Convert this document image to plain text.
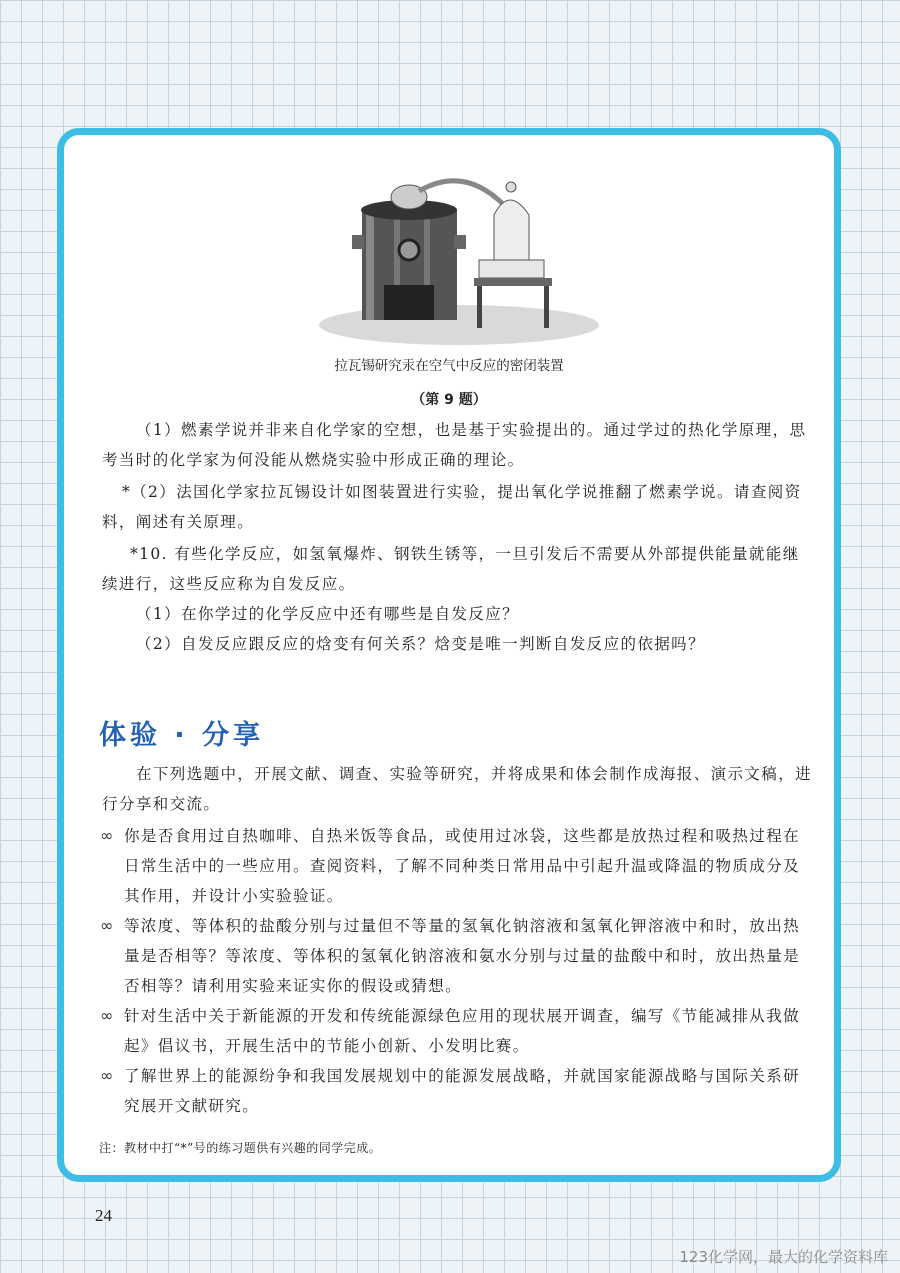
拉瓦锡研究汞在空气中反应的密闭装置
（第 9 题）
（1）燃素学说并非来自化学家的空想，也是基于实验提出的。通过学过的热化学原理，思考当时的化学家为何没能从燃烧实验中形成正确的理论。
*（2）法国化学家拉瓦锡设计如图装置进行实验，提出氧化学说推翻了燃素学说。请查阅资料，阐述有关原理。
*10. 有些化学反应，如氢氧爆炸、钢铁生锈等，一旦引发后不需要从外部提供能量就能继续进行，这些反应称为自发反应。
（1）在你学过的化学反应中还有哪些是自发反应？
（2）自发反应跟反应的焓变有何关系？焓变是唯一判断自发反应的依据吗？
体验 · 分享
在下列选题中，开展文献、调查、实验等研究，并将成果和体会制作成海报、演示文稿，进行分享和交流。
∞ 你是否食用过自热咖啡、自热米饭等食品，或使用过冰袋，这些都是放热过程和吸热过程在日常生活中的一些应用。查阅资料，了解不同种类日常用品中引起升温或降温的物质成分及其作用，并设计小实验验证。
∞ 等浓度、等体积的盐酸分别与过量但不等量的氢氧化钠溶液和氢氧化钾溶液中和时，放出热量是否相等？等浓度、等体积的氢氧化钠溶液和氨水分别与过量的盐酸中和时，放出热量是否相等？请利用实验来证实你的假设或猜想。
∞ 针对生活中关于新能源的开发和传统能源绿色应用的现状展开调查，编写《节能减排从我做起》倡议书，开展生活中的节能小创新、小发明比赛。
∞ 了解世界上的能源纷争和我国发展规划中的能源发展战略，并就国家能源战略与国际关系研究展开文献研究。
注：教材中打“*”号的练习题供有兴趣的同学完成。
24
123化学网，最大的化学资料库
